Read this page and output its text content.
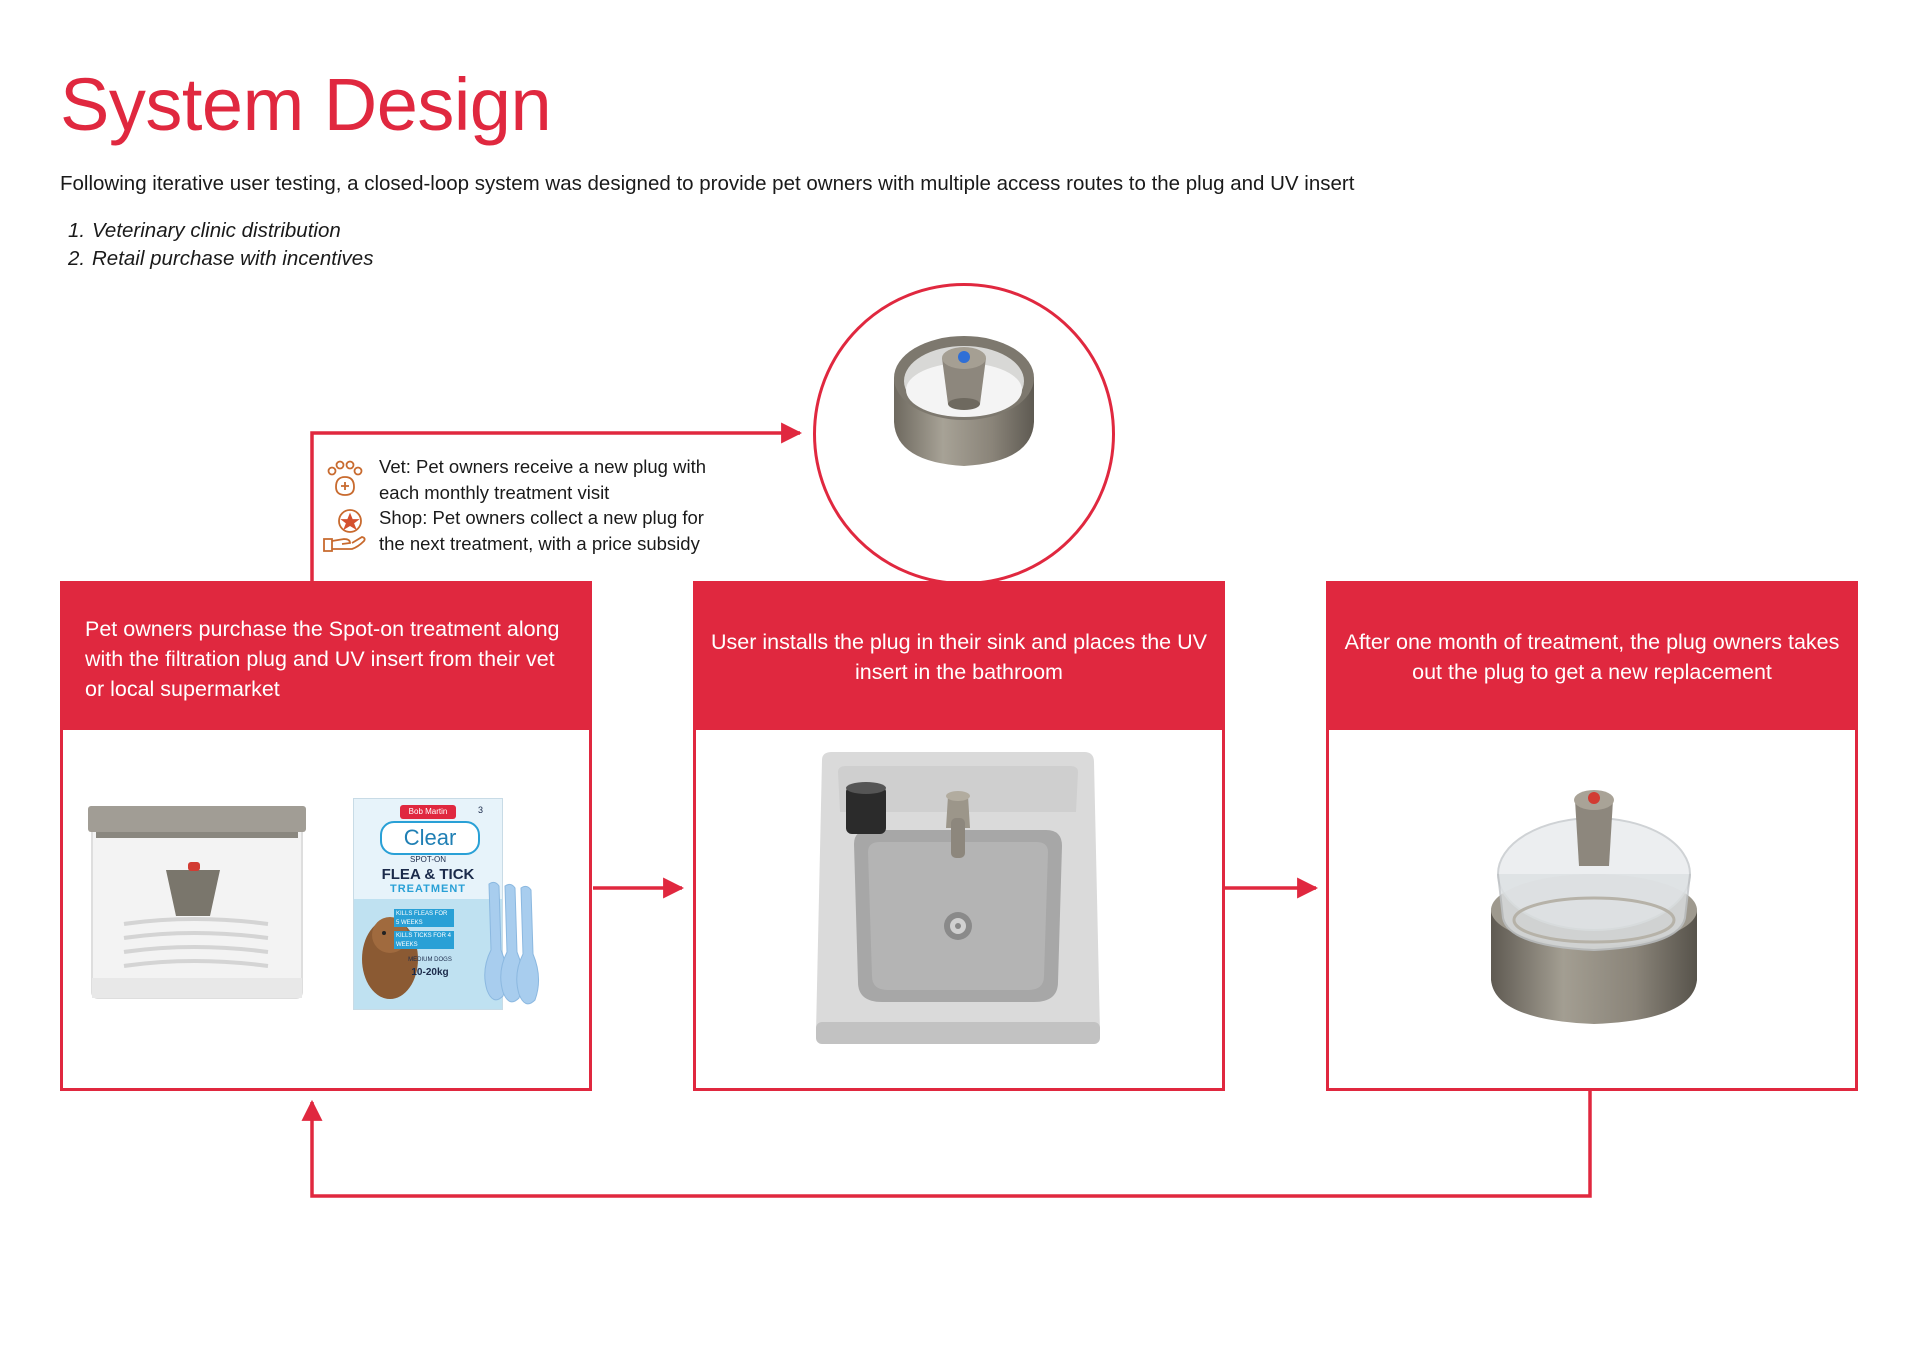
System Design

Following iterative user testing, a closed-loop system was designed to provide pet owners with multiple access routes to the plug and UV insert

1. Veterinary clinic distribution
2. Retail purchase with incentives
Vet: Pet owners receive a new plug with
each monthly treatment visit
Shop: Pet owners collect a new plug for
the next treatment, with a price subsidy
Pet owners purchase the Spot-on treatment along with the filtration plug and UV insert from their vet or local supermarket
Bob Martin
Clear
SPOT-ON
FLEA & TICK
TREATMENT
KILLS FLEAS FOR 5 WEEKS
KILLS TICKS FOR 4 WEEKS
MEDIUM DOGS
10-20kg
3
User installs the plug in their sink and places the UV insert in the bathroom
After one month of treatment, the plug owners takes out the plug to get a new replacement
